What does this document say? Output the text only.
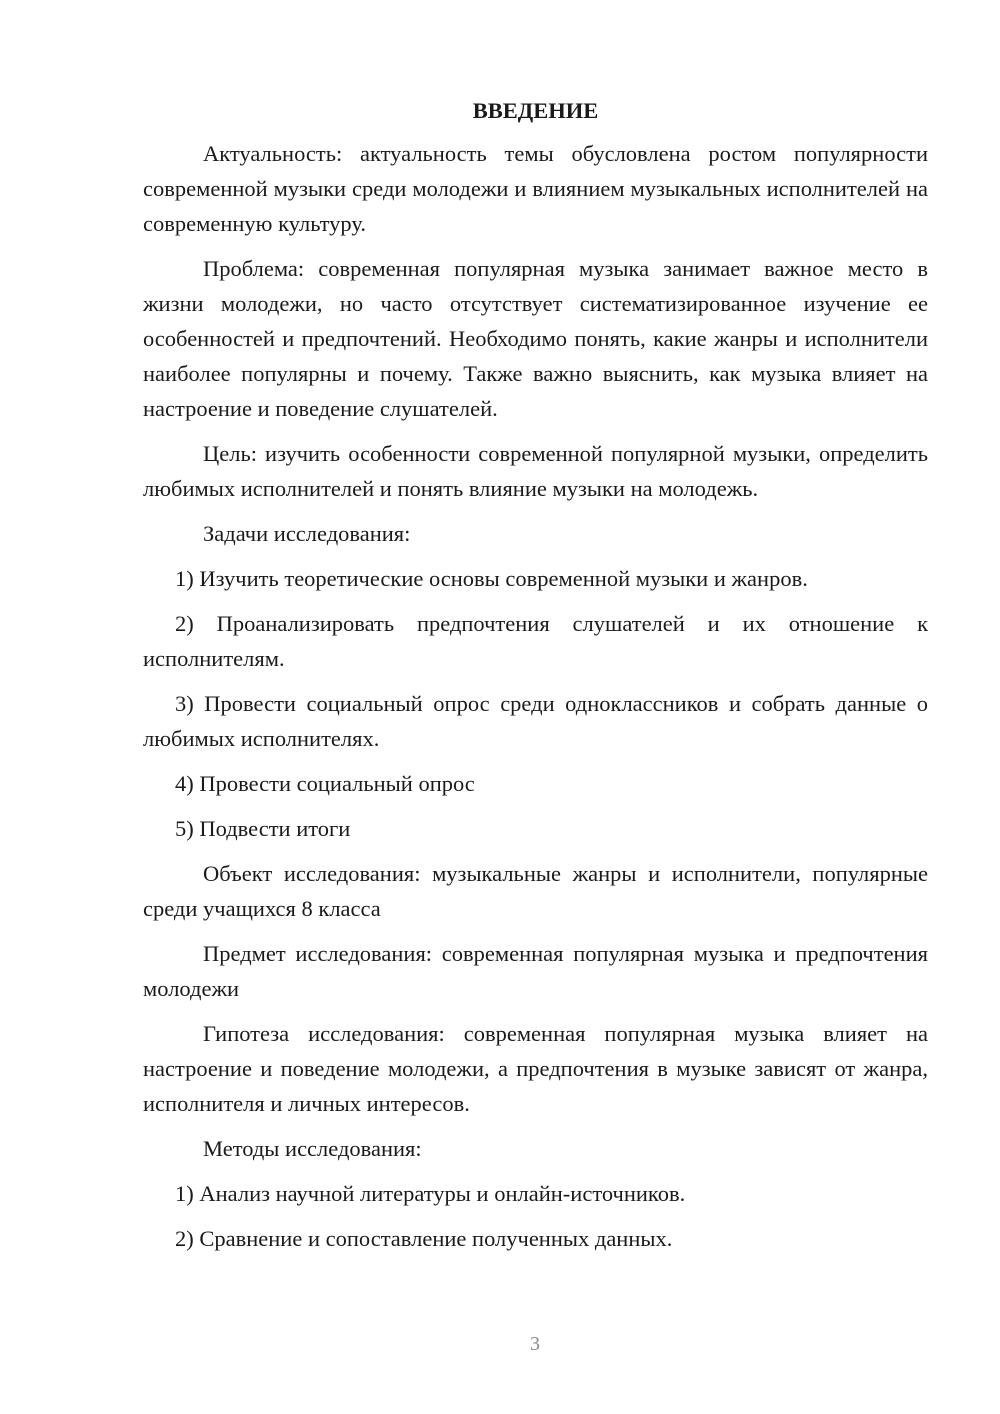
ВВЕДЕНИЕ

Актуальность: актуальность темы обусловлена ростом популярности современной музыки среди молодежи и влиянием музыкальных исполнителей на современную культуру.

Проблема: современная популярная музыка занимает важное место в жизни молодежи, но часто отсутствует систематизированное изучение ее особенностей и предпочтений. Необходимо понять, какие жанры и исполнители наиболее популярны и почему. Также важно выяснить, как музыка влияет на настроение и поведение слушателей.

Цель: изучить особенности современной популярной музыки, определить любимых исполнителей и понять влияние музыки на молодежь.

Задачи исследования:

1) Изучить теоретические основы современной музыки и жанров.

2) Проанализировать предпочтения слушателей и их отношение к исполнителям.

3) Провести социальный опрос среди одноклассников и собрать данные о любимых исполнителях.

4) Провести социальный опрос

5) Подвести итоги

Объект исследования: музыкальные жанры и исполнители, популярные среди учащихся 8 класса

Предмет исследования: современная популярная музыка и предпочтения молодежи

Гипотеза исследования: современная популярная музыка влияет на настроение и поведение молодежи, а предпочтения в музыке зависят от жанра, исполнителя и личных интересов.

Методы исследования:

1) Анализ научной литературы и онлайн-источников.

2) Сравнение и сопоставление полученных данных.

3
